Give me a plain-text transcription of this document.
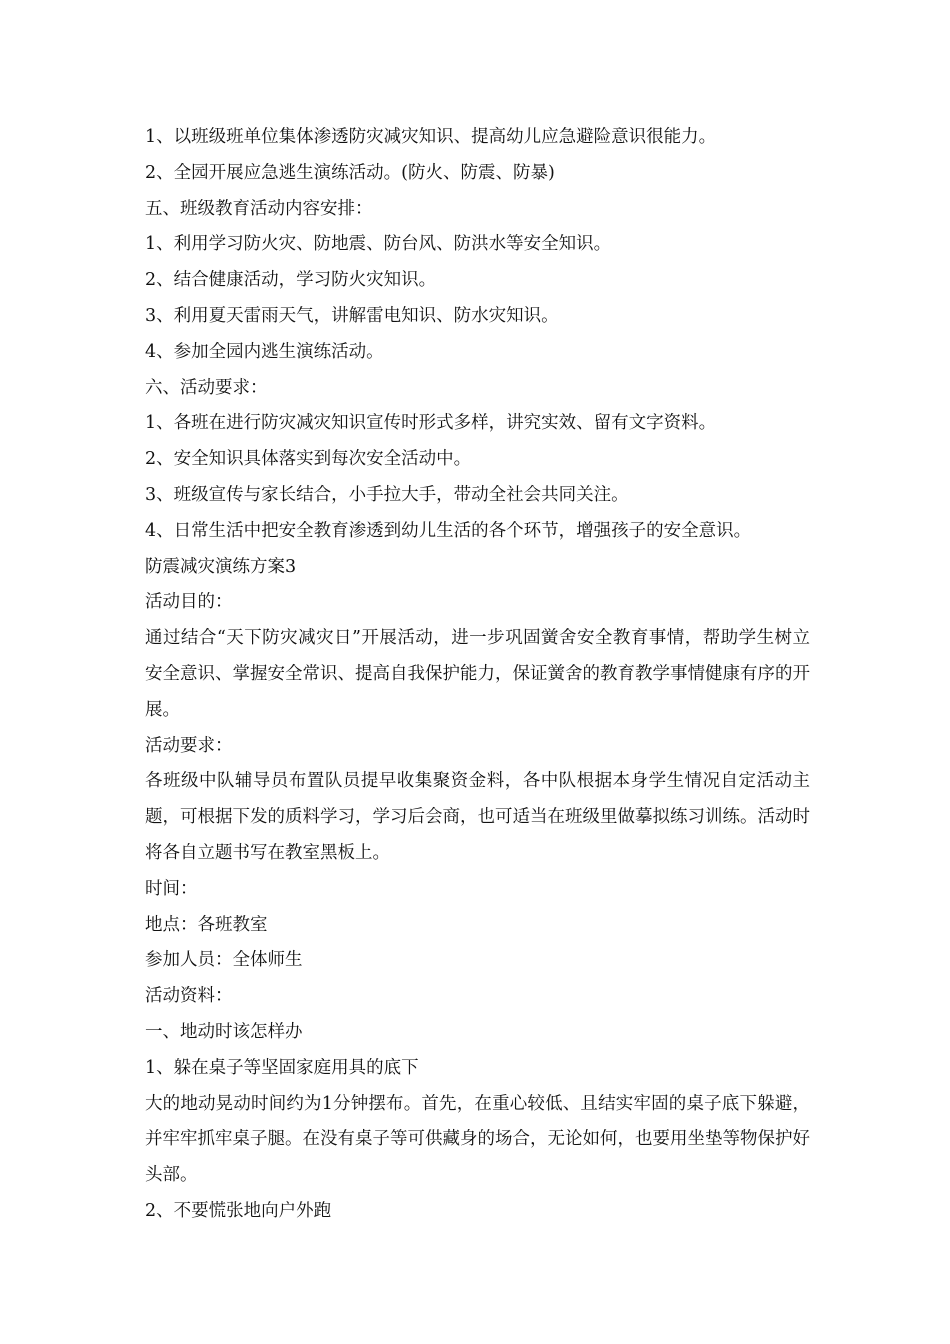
1、以班级班单位集体渗透防灾减灾知识、提高幼儿应急避险意识很能力。

2、全园开展应急逃生演练活动。(防火、防震、防暴)

五、班级教育活动内容安排：

1、利用学习防火灾、防地震、防台风、防洪水等安全知识。

2、结合健康活动，学习防火灾知识。

3、利用夏天雷雨天气，讲解雷电知识、防水灾知识。

4、参加全园内逃生演练活动。

六、活动要求：

1、各班在进行防灾减灾知识宣传时形式多样，讲究实效、留有文字资料。

2、安全知识具体落实到每次安全活动中。

3、班级宣传与家长结合，小手拉大手，带动全社会共同关注。

4、日常生活中把安全教育渗透到幼儿生活的各个环节，增强孩子的安全意识。

防震减灾演练方案3

活动目的：

通过结合“天下防灾减灾日”开展活动，进一步巩固黉舍安全教育事情，帮助学生树立安全意识、掌握安全常识、提高自我保护能力，保证黉舍的教育教学事情健康有序的开展。

活动要求：

各班级中队辅导员布置队员提早收集聚资金料，各中队根据本身学生情况自定活动主题，可根据下发的质料学习，学习后会商，也可适当在班级里做摹拟练习训练。活动时将各自立题书写在教室黑板上。

时间：

地点：各班教室

参加人员：全体师生

活动资料：

一、地动时该怎样办

1、躲在桌子等坚固家庭用具的底下

大的地动晃动时间约为1分钟摆布。首先，在重心较低、且结实牢固的桌子底下躲避，并牢牢抓牢桌子腿。在没有桌子等可供藏身的场合，无论如何，也要用坐垫等物保护好头部。

2、不要慌张地向户外跑
